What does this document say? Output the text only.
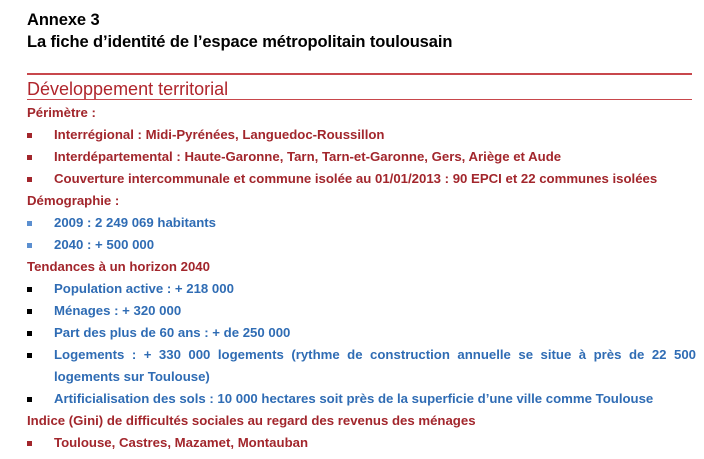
Annexe 3
La fiche d’identité de l’espace métropolitain toulousain
Développement territorial
Périmètre :
Interrégional : Midi-Pyrénées, Languedoc-Roussillon
Interdépartemental : Haute-Garonne, Tarn, Tarn-et-Garonne, Gers, Ariège et Aude
Couverture intercommunale et commune isolée au 01/01/2013 : 90 EPCI et 22 communes isolées
Démographie :
2009 : 2 249 069 habitants
2040 : + 500 000
Tendances à un horizon 2040
Population active : + 218 000
Ménages : + 320 000
Part des plus de 60 ans : + de 250 000
Logements : + 330 000 logements (rythme de construction annuelle se situe à près de 22 500
logements sur Toulouse)
Artificialisation des sols : 10 000 hectares soit près de la superficie d’une ville comme Toulouse
Indice (Gini) de difficultés sociales au regard des revenus des ménages
Toulouse, Castres, Mazamet, Montauban
